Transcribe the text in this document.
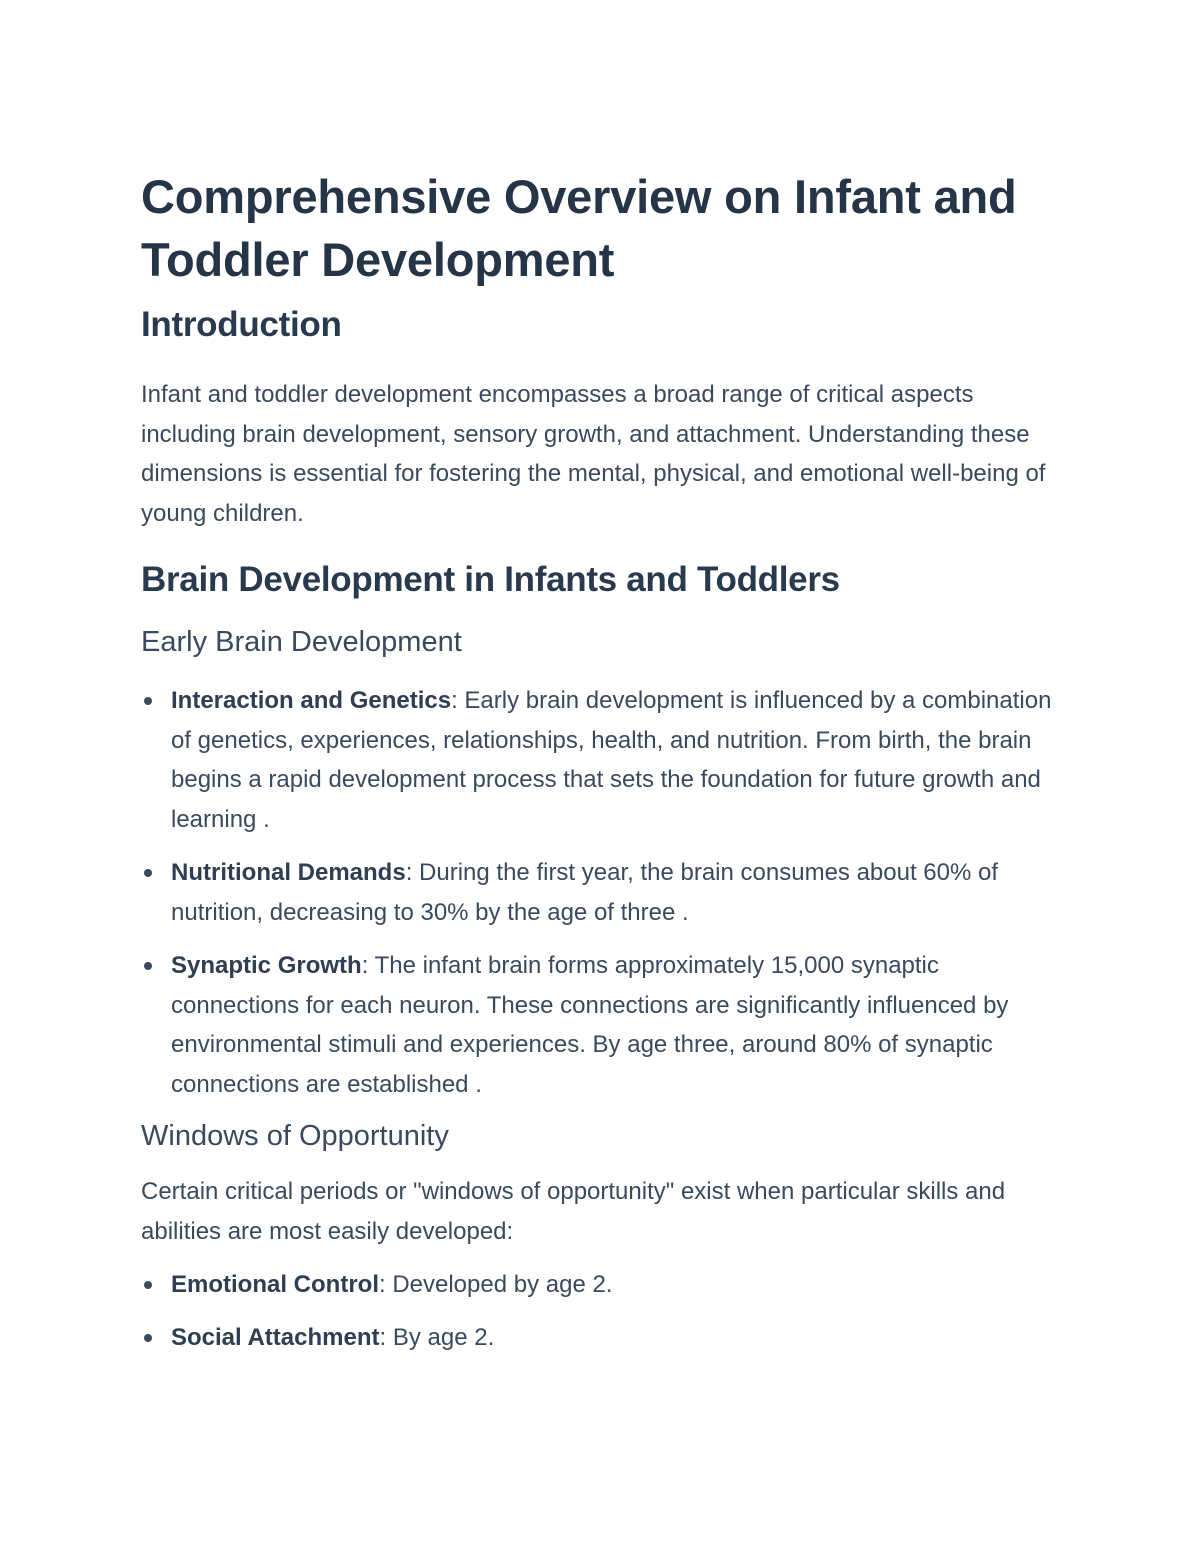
Comprehensive Overview on Infant and Toddler Development
Introduction

Infant and toddler development encompasses a broad range of critical aspects including brain development, sensory growth, and attachment. Understanding these dimensions is essential for fostering the mental, physical, and emotional well-being of young children.

Brain Development in Infants and Toddlers
Early Brain Development
Interaction and Genetics: Early brain development is influenced by a combination of genetics, experiences, relationships, health, and nutrition. From birth, the brain begins a rapid development process that sets the foundation for future growth and learning .
Nutritional Demands: During the first year, the brain consumes about 60% of nutrition, decreasing to 30% by the age of three .
Synaptic Growth: The infant brain forms approximately 15,000 synaptic connections for each neuron. These connections are significantly influenced by environmental stimuli and experiences. By age three, around 80% of synaptic connections are established .
Windows of Opportunity

Certain critical periods or "windows of opportunity" exist when particular skills and abilities are most easily developed:

Emotional Control: Developed by age 2.
Social Attachment: By age 2.
